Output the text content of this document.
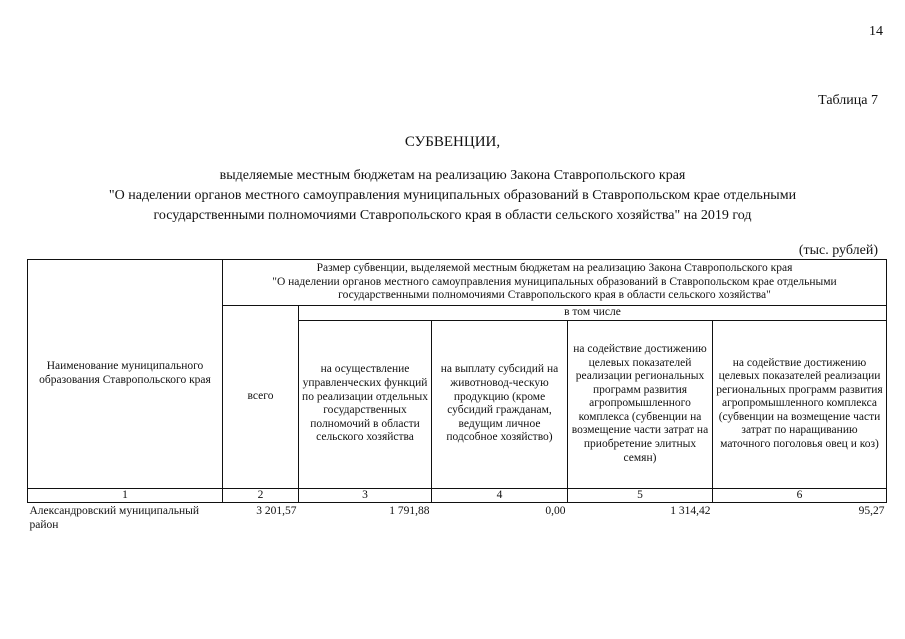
14
Таблица 7
СУБВЕНЦИИ,
выделяемые местным бюджетам на реализацию Закона Ставропольского края
"О наделении органов местного самоуправления муниципальных образований в Ставропольском крае отдельными
государственными полномочиями Ставропольского края в области сельского хозяйства" на 2019 год
(тыс. рублей)
Наименование муниципального образования Ставропольского края	Размер субвенции, выделяемой местным бюджетам на реализацию Закона Ставропольского края
"О наделении органов местного самоуправления муниципальных образований в Ставропольском крае отдельными
государственными полномочиями Ставропольского края в области сельского хозяйства"				

	всего	в том числе			
		на осуществление управленческих функций по реализации отдельных государственных полномочий в области сельского хозяйства	на выплату субсидий на животновод-ческую продукцию (кроме субсидий гражданам, ведущим личное подсобное хозяйство)	на содействие достижению целевых показателей реализации региональных программ развития агропромышленного комплекса (субвенции на возмещение части затрат на приобретение элитных семян)	на содействие достижению целевых показателей реализации региональных программ развития агропромышленного комплекса (субвенции на возмещение части затрат по наращиванию маточного поголовья овец и коз)
1	2	3	4	5	6
Александровский муниципальный район	3 201,57	1 791,88	0,00	1 314,42	95,27
